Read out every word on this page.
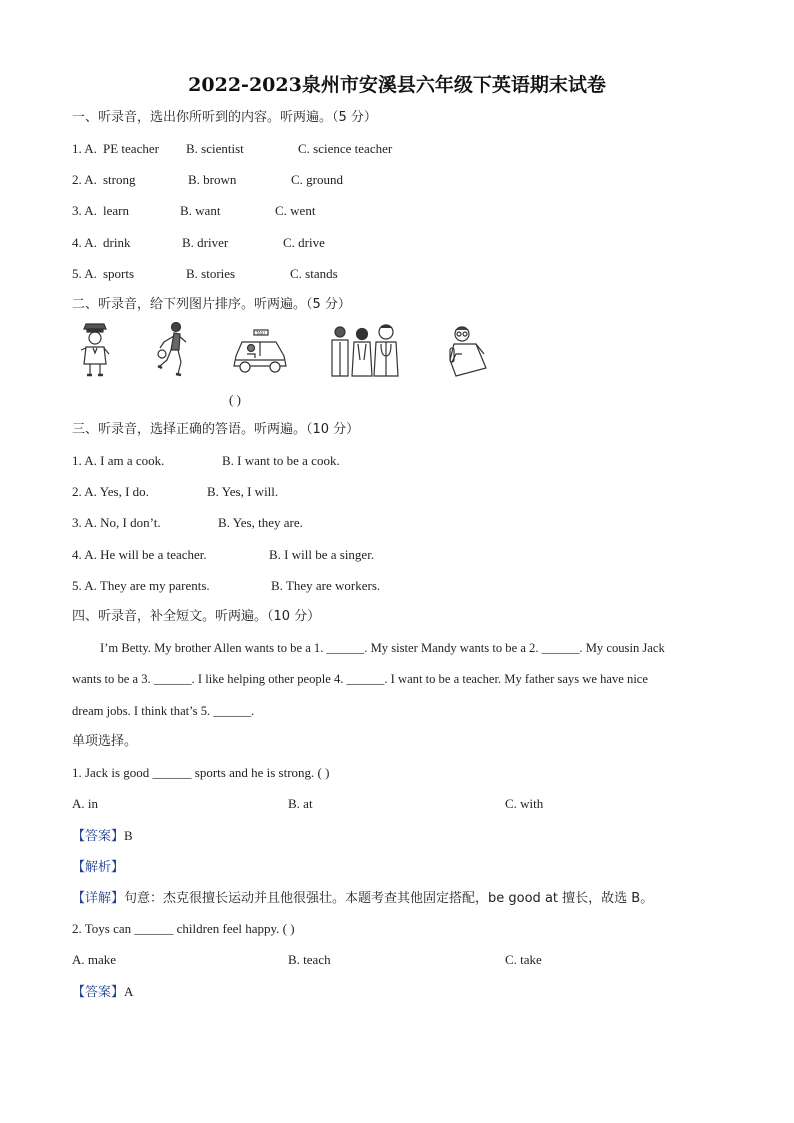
2022-2023泉州市安溪县六年级下英语期末试卷
一、听录音，选出你所听到的内容。听两遍。（5 分）
1. A. PE teacher B. scientist	C. science teacher
2. A. strong	B. brown	C. ground
3. A. learn	B. want	C. went
4. A. drink	B. driver	C. drive
5. A. sports	B. stories	C. stands
二、听录音，给下列图片排序。听两遍。（5 分）
TAXI
( )
三、听录音，选择正确的答语。听两遍。（10 分）
1. A. I am a cook.	B. I want to be a cook.
2. A. Yes, I do.	B. Yes, I will.
3. A. No, I don’t.	B. Yes, they are.
4. A. He will be a teacher.	B. I will be a singer.
5. A. They are my parents.	B. They are workers.
四、听录音，补全短文。听两遍。（10 分）
I’m Betty. My brother Allen wants to be a 1. ______. My sister Mandy wants to be a 2. ______. My cousin Jack
wants to be a 3. ______. I like helping other people 4. ______. I want to be a teacher. My father says we have nice
dream jobs. I think that’s 5. ______.
单项选择。
1. Jack is good ______ sports and he is strong. ( )
A. in	B. at	C. with
【答案】B
【解析】
【详解】句意：杰克很擅长运动并且他很强壮。本题考查其他固定搭配，be good at 擅长，故选 B。
2. Toys can ______ children feel happy. ( )
A. make	B. teach	C. take
【答案】A
